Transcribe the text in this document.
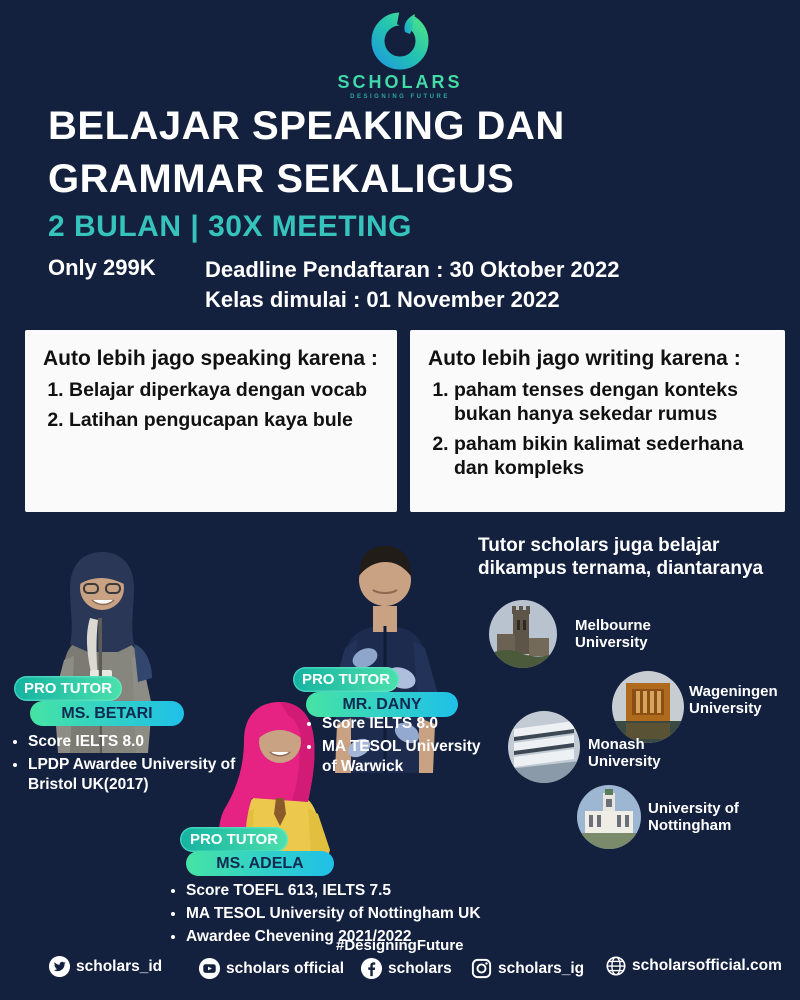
SCHOLARS
DESIGNING FUTURE
BELAJAR SPEAKING DAN
GRAMMAR SEKALIGUS
2 BULAN | 30X MEETING
Only 299K Deadline Pendaftaran : 30 Oktober 2022
Kelas dimulai : 01 November 2022
Auto lebih jago speaking karena :
1. Belajar diperkaya dengan vocab
2. Latihan pengucapan kaya bule
Auto lebih jago writing karena :
1. paham tenses dengan konteks bukan hanya sekedar rumus
2. paham bikin kalimat sederhana dan kompleks
PRO TUTOR
MS. BETARI
• Score IELTS 8.0
• LPDP Awardee University of Bristol UK(2017)
PRO TUTOR
MR. DANY
• Score IELTS 8.0
• MA TESOL University of Warwick
PRO TUTOR
MS. ADELA
• Score TOEFL 613, IELTS 7.5
• MA TESOL University of Nottingham UK
• Awardee Chevening 2021/2022
Tutor scholars juga belajar
dikampus ternama, diantaranya
Melbourne University
Wageningen University
Monash University
University of Nottingham
#DesigningFuture
scholars_id	scholars official	scholars	scholars_ig	scholarsofficial.com
